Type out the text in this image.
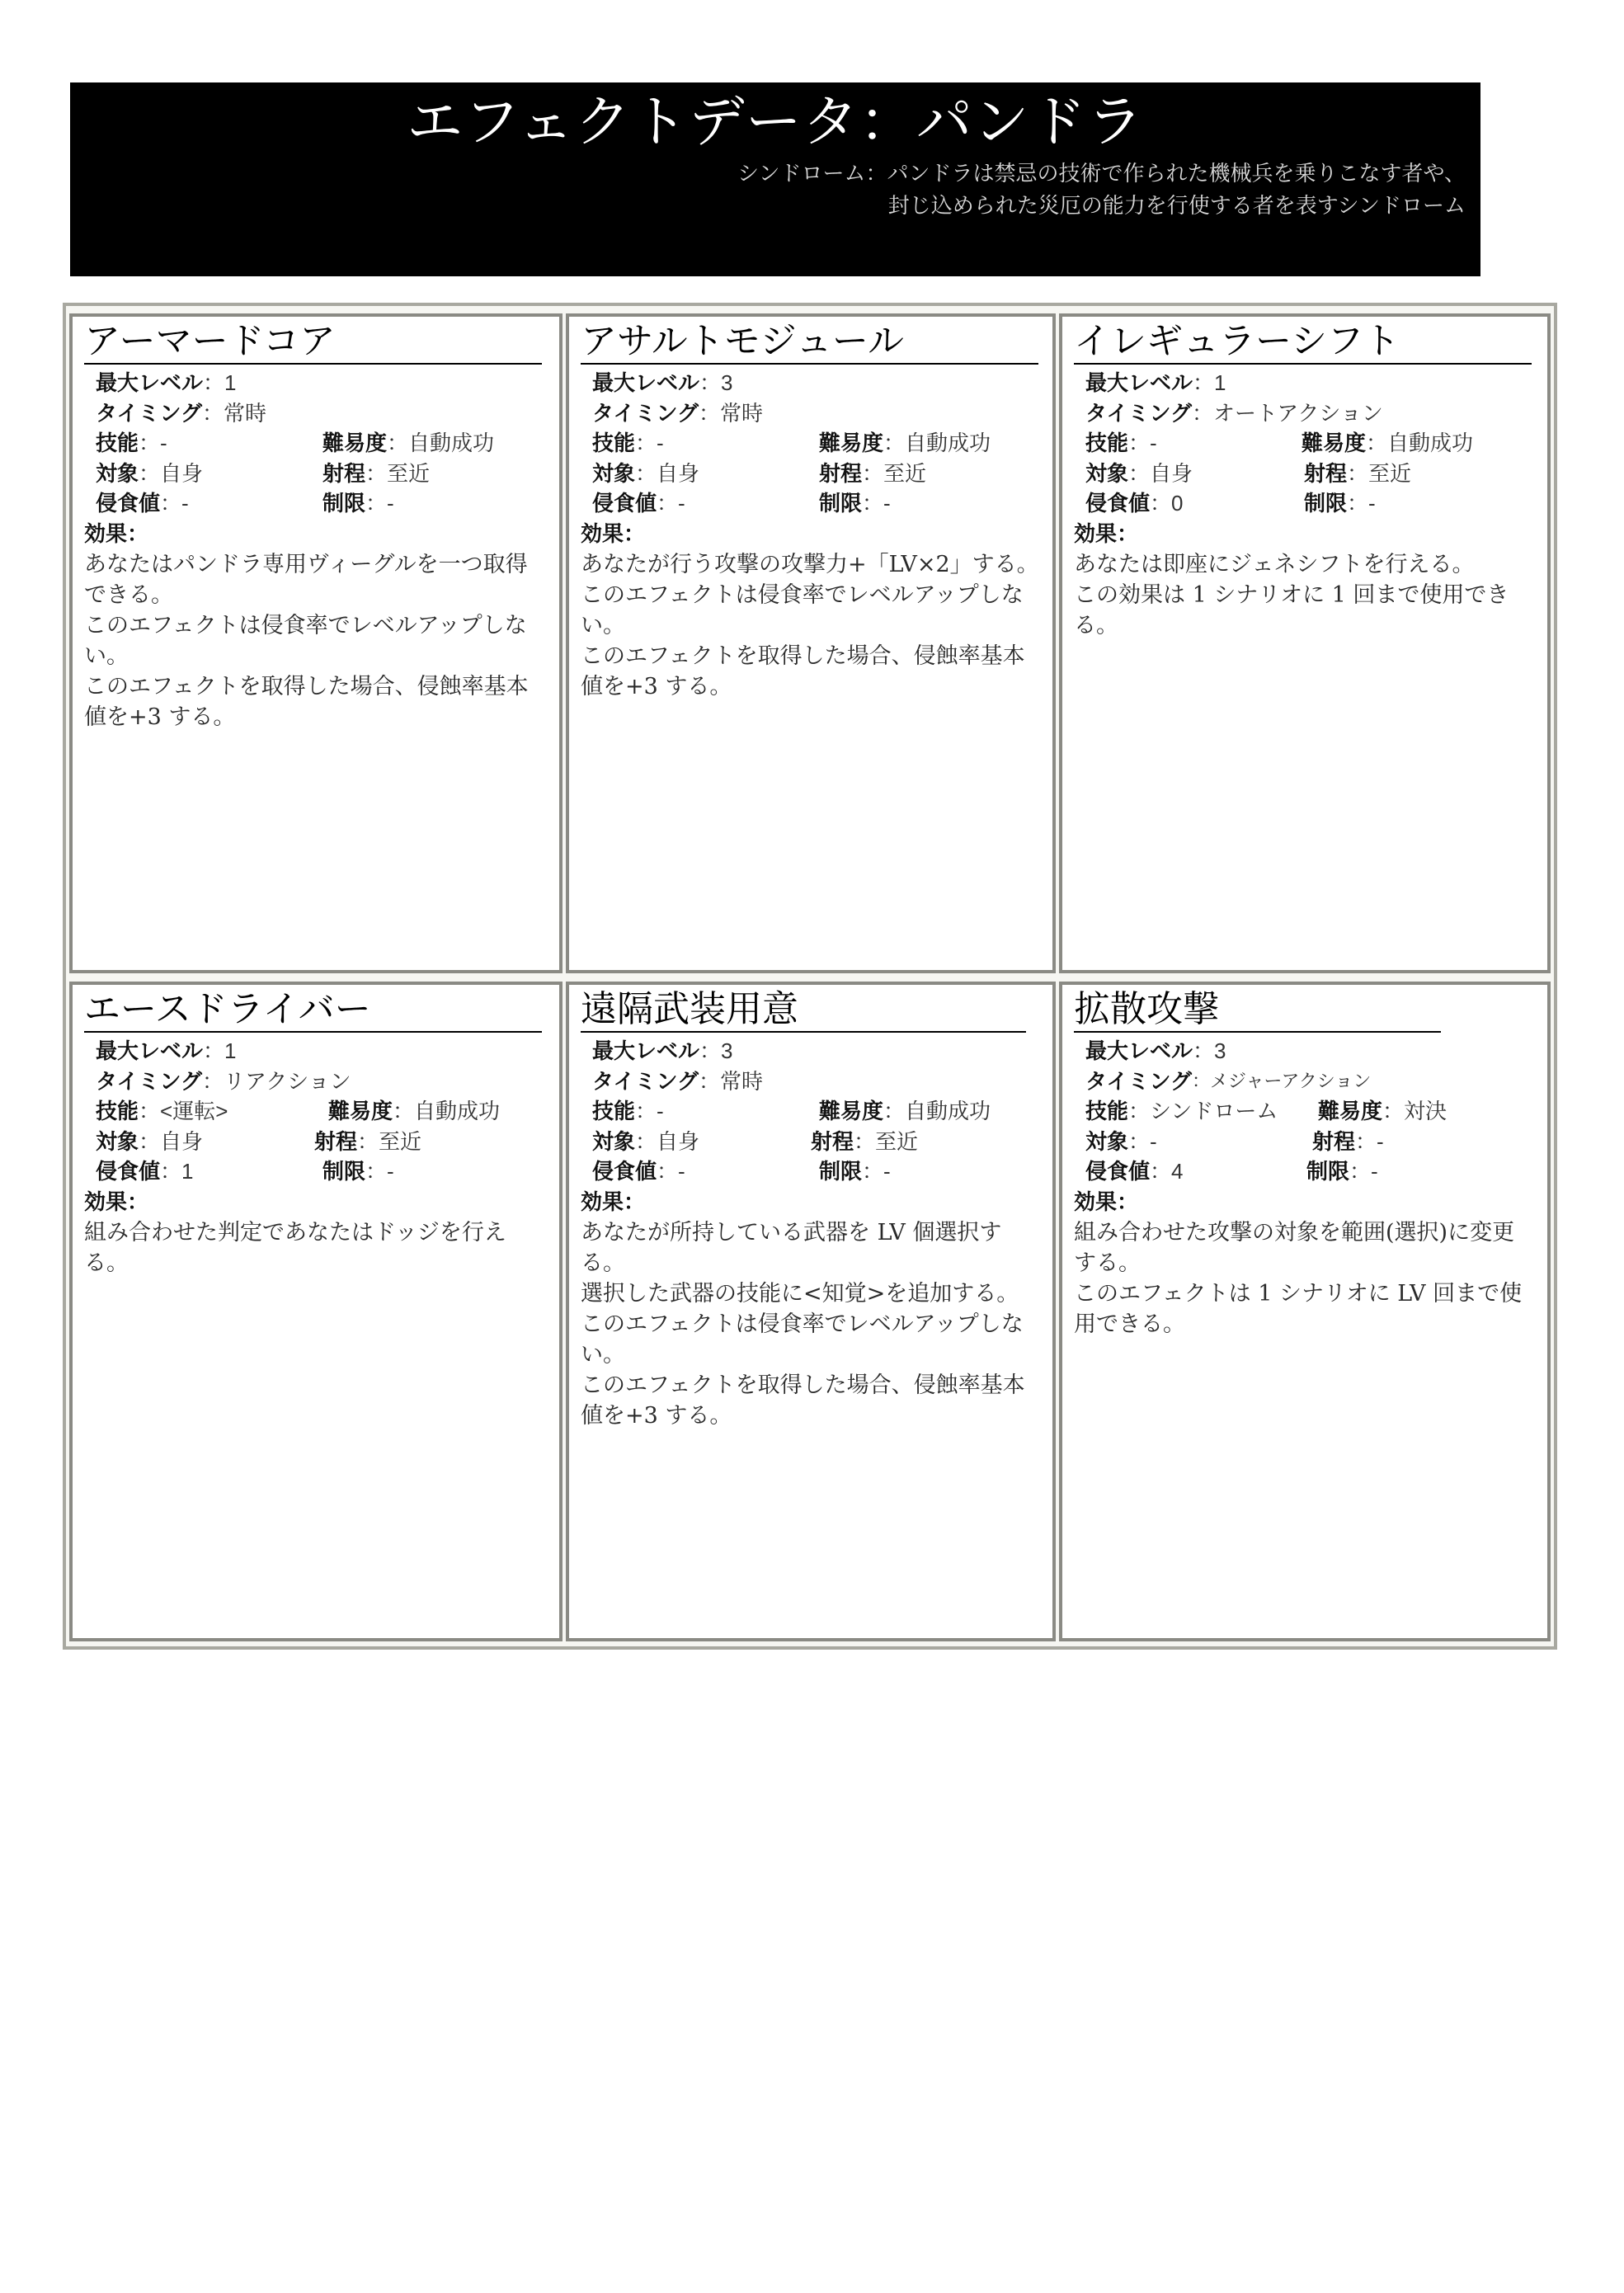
エフェクトデータ：パンドラ
シンドローム：パンドラは禁忌の技術で作られた機械兵を乗りこなす者や、
封じ込められた災厄の能力を行使する者を表すシンドローム
アーマードコア
最大レベル ：1
タイミング ：常時
技能：-	難易度 ：自動成功
対象：自身	射程 ：至近
侵食値：-	制限 ：-
効果：

あなたはパンドラ専用ヴィーグルを一つ取得できる。

このエフェクトは侵食率でレベルアップしない。

このエフェクトを取得した場合、侵蝕率基本値を+3 する。

アサルトモジュール
最大レベル ：3
タイミング ：常時
技能：-	難易度 ：自動成功
対象：自身	射程 ：至近
侵食値：-	制限 ：-
効果：

あなたが行う攻撃の攻撃力+「LV×2」する。

このエフェクトは侵食率でレベルアップしない。

このエフェクトを取得した場合、侵蝕率基本値を+3 する。

イレギュラーシフト
最大レベル ：1
タイミング ：オートアクション
技能：-	難易度 ：自動成功
対象：自身	射程 ：至近
侵食値：0	制限 ：-
効果：

あなたは即座にジェネシフトを行える。

この効果は 1 シナリオに 1 回まで使用できる。

エースドライバー
最大レベル ：1
タイミング ：リアクション
技能：<運転>	難易度 ：自動成功
対象：自身	射程 ：至近
侵食値：1	制限 ：-
効果：

組み合わせた判定であなたはドッジを行える。

遠隔武装用意
最大レベル ：3
タイミング ：常時
技能：-	難易度 ：自動成功
対象：自身	射程 ：至近
侵食値：-	制限 ：-
効果：

あなたが所持している武器を LV 個選択する。

選択した武器の技能に<知覚>を追加する。

このエフェクトは侵食率でレベルアップしない。

このエフェクトを取得した場合、侵蝕率基本値を+3 する。

拡散攻撃
最大レベル ：3
タイミング ：メジャーアクション
技能：シンドローム	難易度 ：対決
対象：-	射程 ：-
侵食値：4	制限 ：-
効果：

組み合わせた攻撃の対象を範囲(選択)に変更する。

このエフェクトは 1 シナリオに LV 回まで使用できる。
